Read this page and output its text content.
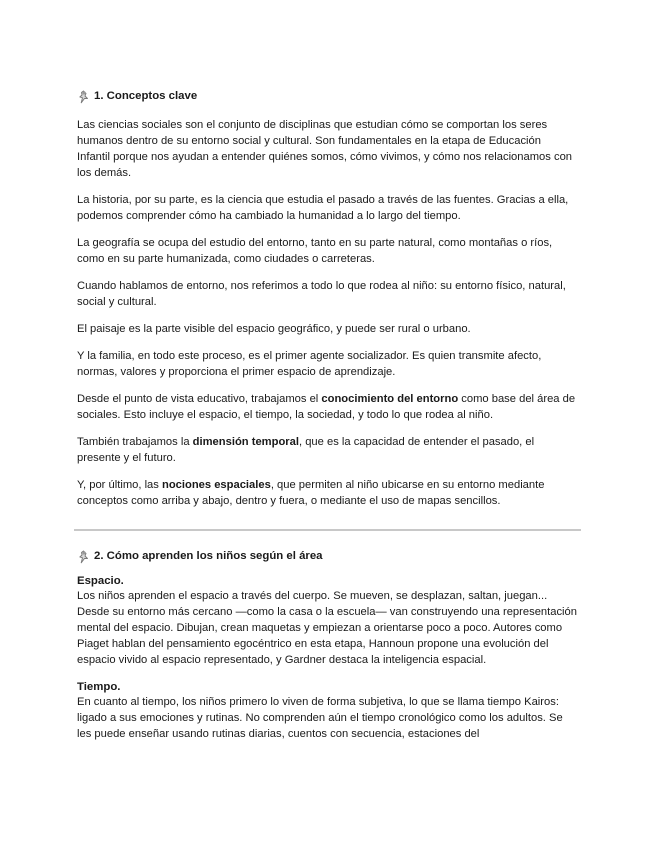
1. Conceptos clave

Las ciencias sociales son el conjunto de disciplinas que estudian cómo se comportan los seres humanos dentro de su entorno social y cultural. Son fundamentales en la etapa de Educación Infantil porque nos ayudan a entender quiénes somos, cómo vivimos, y cómo nos relacionamos con los demás.

La historia, por su parte, es la ciencia que estudia el pasado a través de las fuentes. Gracias a ella, podemos comprender cómo ha cambiado la humanidad a lo largo del tiempo.

La geografía se ocupa del estudio del entorno, tanto en su parte natural, como montañas o ríos, como en su parte humanizada, como ciudades o carreteras.

Cuando hablamos de entorno, nos referimos a todo lo que rodea al niño: su entorno físico, natural, social y cultural.

El paisaje es la parte visible del espacio geográfico, y puede ser rural o urbano.

Y la familia, en todo este proceso, es el primer agente socializador. Es quien transmite afecto, normas, valores y proporciona el primer espacio de aprendizaje.

Desde el punto de vista educativo, trabajamos el conocimiento del entorno como base del área de sociales. Esto incluye el espacio, el tiempo, la sociedad, y todo lo que rodea al niño.

También trabajamos la dimensión temporal, que es la capacidad de entender el pasado, el presente y el futuro.

Y, por último, las nociones espaciales, que permiten al niño ubicarse en su entorno mediante conceptos como arriba y abajo, dentro y fuera, o mediante el uso de mapas sencillos.

2. Cómo aprenden los niños según el área

Espacio.

Los niños aprenden el espacio a través del cuerpo. Se mueven, se desplazan, saltan, juegan... Desde su entorno más cercano —como la casa o la escuela— van construyendo una representación mental del espacio. Dibujan, crean maquetas y empiezan a orientarse poco a poco. Autores como Piaget hablan del pensamiento egocéntrico en esta etapa, Hannoun propone una evolución del espacio vivido al espacio representado, y Gardner destaca la inteligencia espacial.

Tiempo.

En cuanto al tiempo, los niños primero lo viven de forma subjetiva, lo que se llama tiempo Kairos: ligado a sus emociones y rutinas. No comprenden aún el tiempo cronológico como los adultos. Se les puede enseñar usando rutinas diarias, cuentos con secuencia, estaciones del
